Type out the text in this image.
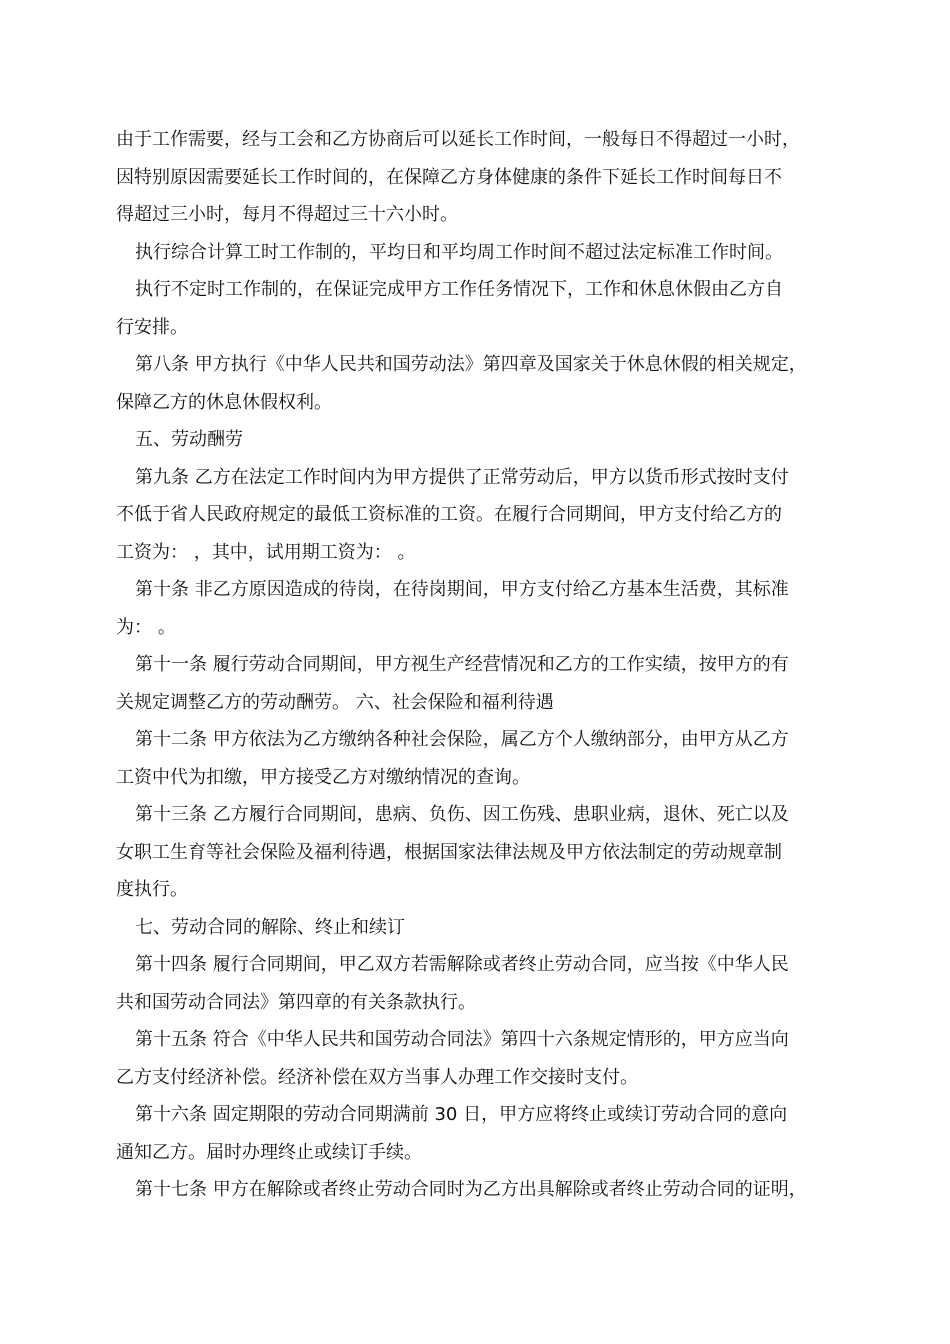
由于工作需要，经与工会和乙方协商后可以延长工作时间，一般每日不得超过一小时，
因特别原因需要延长工作时间的，在保障乙方身体健康的条件下延长工作时间每日不
得超过三小时，每月不得超过三十六小时。
执行综合计算工时工作制的，平均日和平均周工作时间不超过法定标准工作时间。
执行不定时工作制的，在保证完成甲方工作任务情况下，工作和休息休假由乙方自
行安排。
第八条 甲方执行《中华人民共和国劳动法》第四章及国家关于休息休假的相关规定，
保障乙方的休息休假权利。
五、劳动酬劳
第九条 乙方在法定工作时间内为甲方提供了正常劳动后，甲方以货币形式按时支付
不低于省人民政府规定的最低工资标准的工资。在履行合同期间，甲方支付给乙方的
工资为： ，其中，试用期工资为： 。
第十条 非乙方原因造成的待岗，在待岗期间，甲方支付给乙方基本生活费，其标准
为： 。
第十一条 履行劳动合同期间，甲方视生产经营情况和乙方的工作实绩，按甲方的有
关规定调整乙方的劳动酬劳。 六、社会保险和福利待遇
第十二条 甲方依法为乙方缴纳各种社会保险，属乙方个人缴纳部分，由甲方从乙方
工资中代为扣缴，甲方接受乙方对缴纳情况的查询。
第十三条 乙方履行合同期间，患病、负伤、因工伤残、患职业病，退休、死亡以及
女职工生育等社会保险及福利待遇，根据国家法律法规及甲方依法制定的劳动规章制
度执行。
七、劳动合同的解除、终止和续订
第十四条 履行合同期间，甲乙双方若需解除或者终止劳动合同，应当按《中华人民
共和国劳动合同法》第四章的有关条款执行。
第十五条 符合《中华人民共和国劳动合同法》第四十六条规定情形的，甲方应当向
乙方支付经济补偿。经济补偿在双方当事人办理工作交接时支付。
第十六条 固定期限的劳动合同期满前 30 日，甲方应将终止或续订劳动合同的意向
通知乙方。届时办理终止或续订手续。
第十七条 甲方在解除或者终止劳动合同时为乙方出具解除或者终止劳动合同的证明，
